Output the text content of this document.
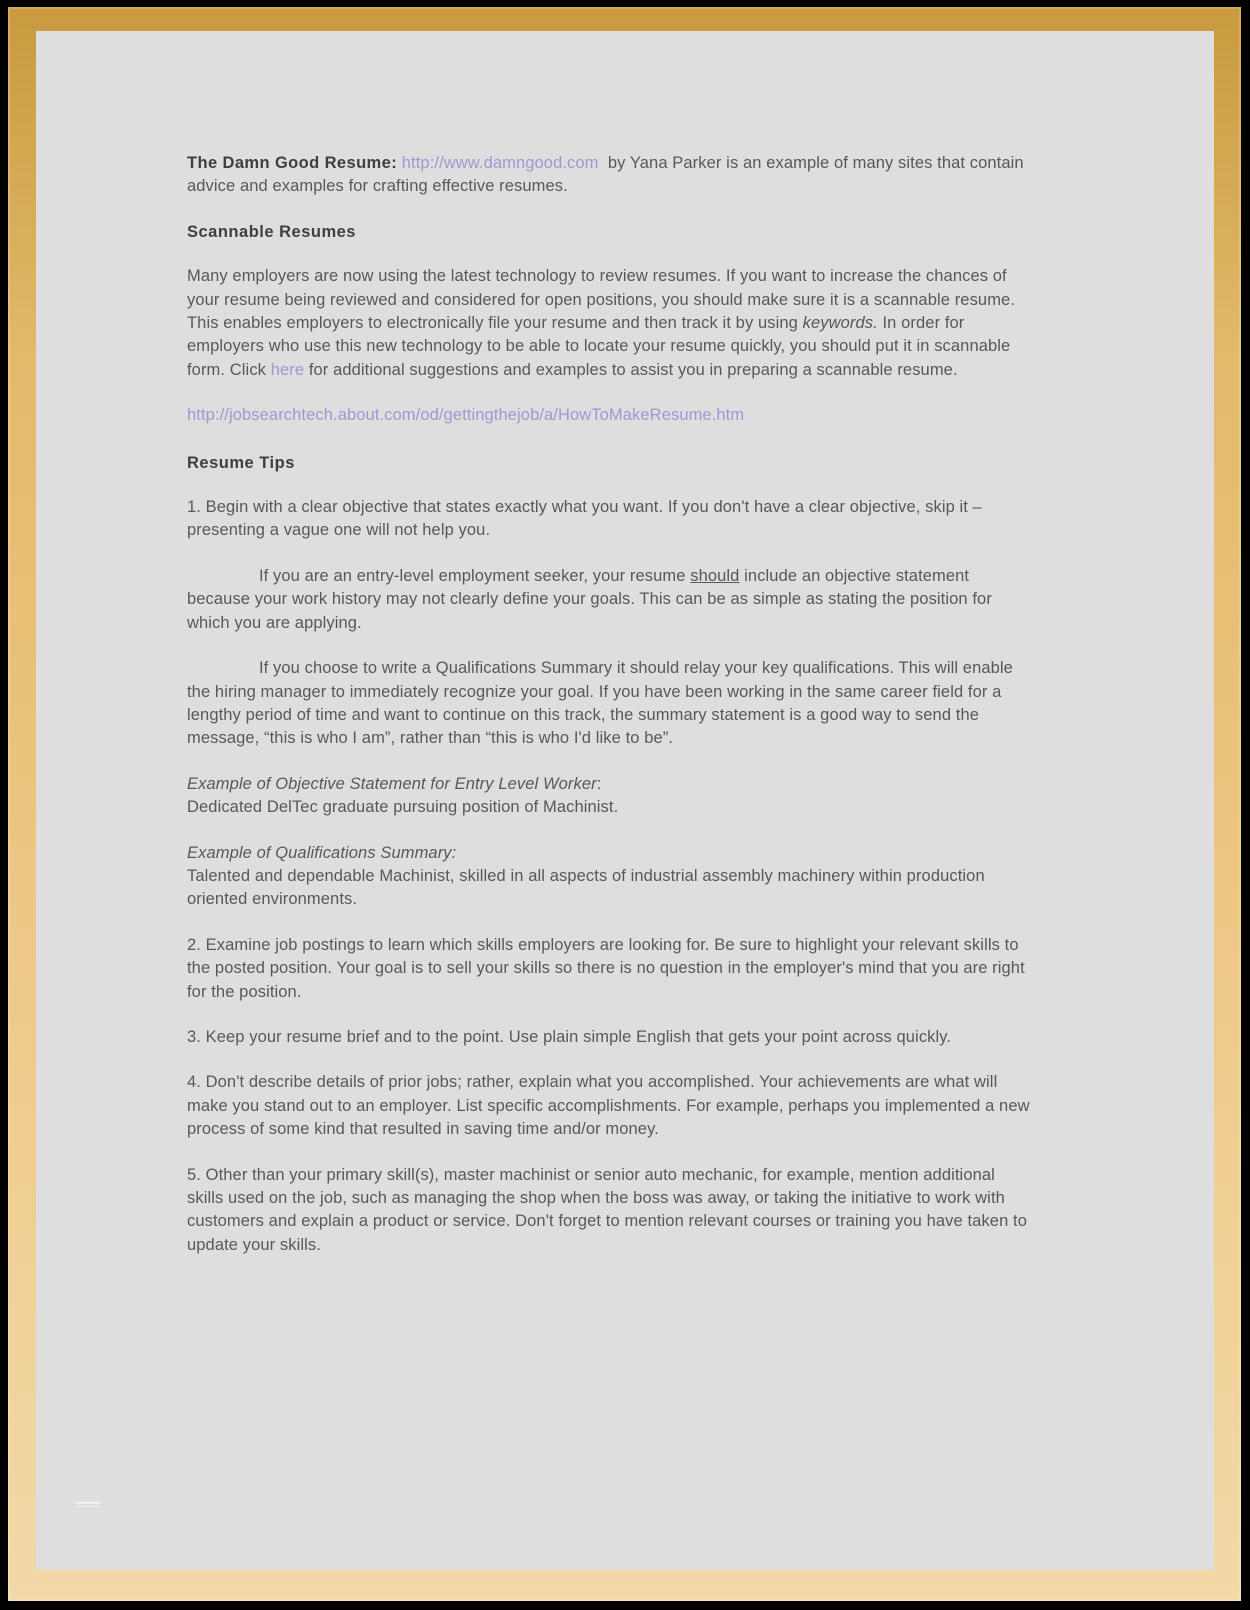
The Damn Good Resume: http://www.damngood.com by Yana Parker is an example of many sites that contain advice and examples for crafting effective resumes.

Scannable Resumes

Many employers are now using the latest technology to review resumes. If you want to increase the chances of your resume being reviewed and considered for open positions, you should make sure it is a scannable resume. This enables employers to electronically file your resume and then track it by using keywords. In order for employers who use this new technology to be able to locate your resume quickly, you should put it in scannable form. Click here for additional suggestions and examples to assist you in preparing a scannable resume.

http://jobsearchtech.about.com/od/gettingthejob/a/HowToMakeResume.htm

Resume Tips

1. Begin with a clear objective that states exactly what you want. If you don't have a clear objective, skip it – presenting a vague one will not help you.

If you are an entry-level employment seeker, your resume should include an objective statement because your work history may not clearly define your goals. This can be as simple as stating the position for which you are applying.

If you choose to write a Qualifications Summary it should relay your key qualifications. This will enable the hiring manager to immediately recognize your goal. If you have been working in the same career field for a lengthy period of time and want to continue on this track, the summary statement is a good way to send the message, “this is who I am”, rather than “this is who I'd like to be”.

Example of Objective Statement for Entry Level Worker:
Dedicated DelTec graduate pursuing position of Machinist.
Example of Qualifications Summary:
Talented and dependable Machinist, skilled in all aspects of industrial assembly machinery within production oriented environments.

2. Examine job postings to learn which skills employers are looking for. Be sure to highlight your relevant skills to the posted position. Your goal is to sell your skills so there is no question in the employer's mind that you are right for the position.

3. Keep your resume brief and to the point. Use plain simple English that gets your point across quickly.

4. Don't describe details of prior jobs; rather, explain what you accomplished. Your achievements are what will make you stand out to an employer. List specific accomplishments. For example, perhaps you implemented a new process of some kind that resulted in saving time and/or money.

5. Other than your primary skill(s), master machinist or senior auto mechanic, for example, mention additional skills used on the job, such as managing the shop when the boss was away, or taking the initiative to work with customers and explain a product or service. Don't forget to mention relevant courses or training you have taken to update your skills.
